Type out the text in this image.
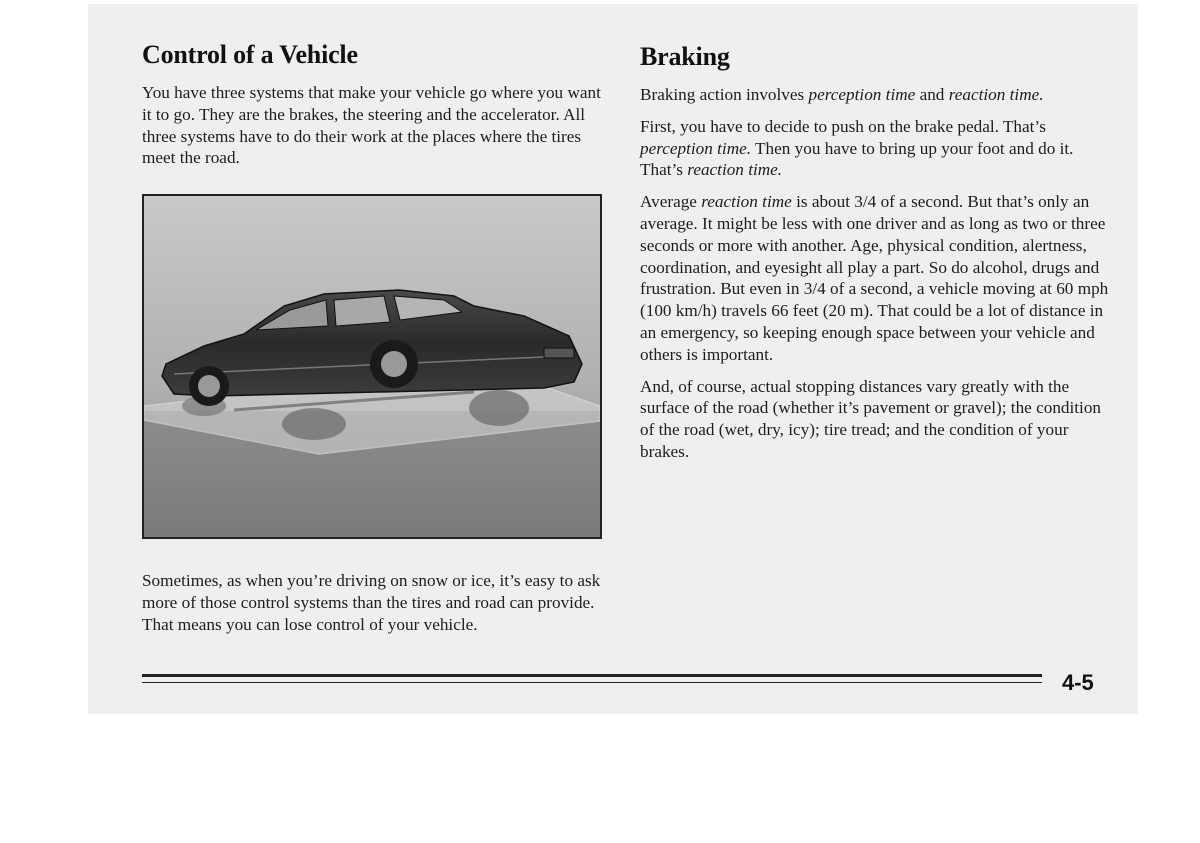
Control of a Vehicle

You have three systems that make your vehicle go where you want it to go. They are the brakes, the steering and the accelerator. All three systems have to do their work at the places where the tires meet the road.

Sometimes, as when you’re driving on snow or ice, it’s easy to ask more of those control systems than the tires and road can provide. That means you can lose control of your vehicle.

Braking

Braking action involves perception time and reaction time.

First, you have to decide to push on the brake pedal. That’s perception time. Then you have to bring up your foot and do it. That’s reaction time.

Average reaction time is about 3/4 of a second. But that’s only an average. It might be less with one driver and as long as two or three seconds or more with another. Age, physical condition, alertness, coordination, and eyesight all play a part. So do alcohol, drugs and frustration. But even in 3/4 of a second, a vehicle moving at 60 mph (100 km/h) travels 66 feet (20 m). That could be a lot of distance in an emergency, so keeping enough space between your vehicle and others is important.

And, of course, actual stopping distances vary greatly with the surface of the road (whether it’s pavement or gravel); the condition of the road (wet, dry, icy); tire tread; and the condition of your brakes.

4-5
